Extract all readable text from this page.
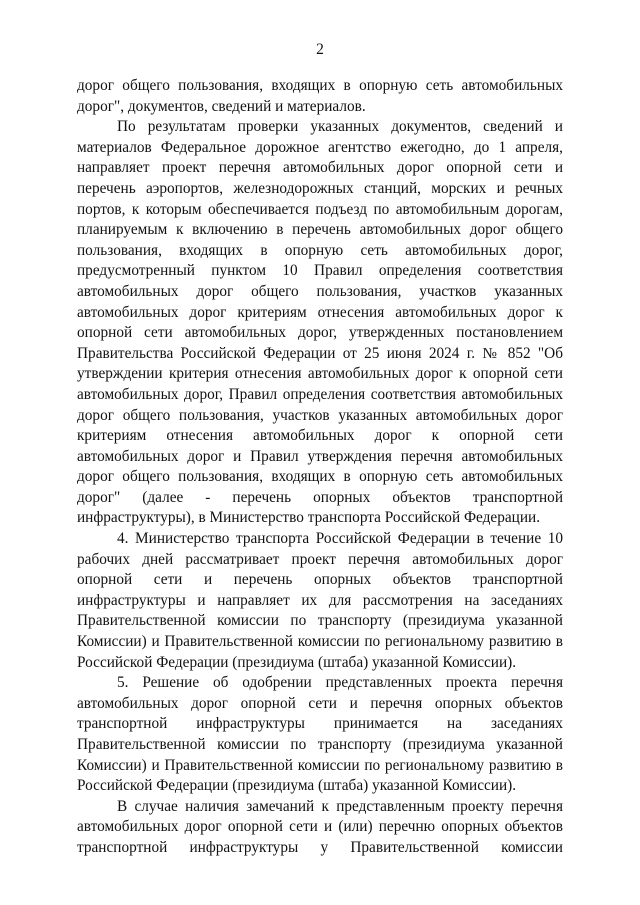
2

дорог общего пользования, входящих в опорную сеть автомобильных дорог", документов, сведений и материалов.

По результатам проверки указанных документов, сведений и материалов Федеральное дорожное агентство ежегодно, до 1 апреля, направляет проект перечня автомобильных дорог опорной сети и перечень аэропортов, железнодорожных станций, морских и речных портов, к которым обеспечивается подъезд по автомобильным дорогам, планируемым к включению в перечень автомобильных дорог общего пользования, входящих в опорную сеть автомобильных дорог, предусмотренный пунктом 10 Правил определения соответствия автомобильных дорог общего пользования, участков указанных автомобильных дорог критериям отнесения автомобильных дорог к опорной сети автомобильных дорог, утвержденных постановлением Правительства Российской Федерации от 25 июня 2024 г. № 852 "Об утверждении критерия отнесения автомобильных дорог к опорной сети автомобильных дорог, Правил определения соответствия автомобильных дорог общего пользования, участков указанных автомобильных дорог критериям отнесения автомобильных дорог к опорной сети автомобильных дорог и Правил утверждения перечня автомобильных дорог общего пользования, входящих в опорную сеть автомобильных дорог" (далее - перечень опорных объектов транспортной инфраструктуры), в Министерство транспорта Российской Федерации.

4. Министерство транспорта Российской Федерации в течение 10 рабочих дней рассматривает проект перечня автомобильных дорог опорной сети и перечень опорных объектов транспортной инфраструктуры и направляет их для рассмотрения на заседаниях Правительственной комиссии по транспорту (президиума указанной Комиссии) и Правительственной комиссии по региональному развитию в Российской Федерации (президиума (штаба) указанной Комиссии).

5. Решение об одобрении представленных проекта перечня автомобильных дорог опорной сети и перечня опорных объектов транспортной инфраструктуры принимается на заседаниях Правительственной комиссии по транспорту (президиума указанной Комиссии) и Правительственной комиссии по региональному развитию в Российской Федерации (президиума (штаба) указанной Комиссии).

В случае наличия замечаний к представленным проекту перечня автомобильных дорог опорной сети и (или) перечню опорных объектов транспортной инфраструктуры у Правительственной комиссии
